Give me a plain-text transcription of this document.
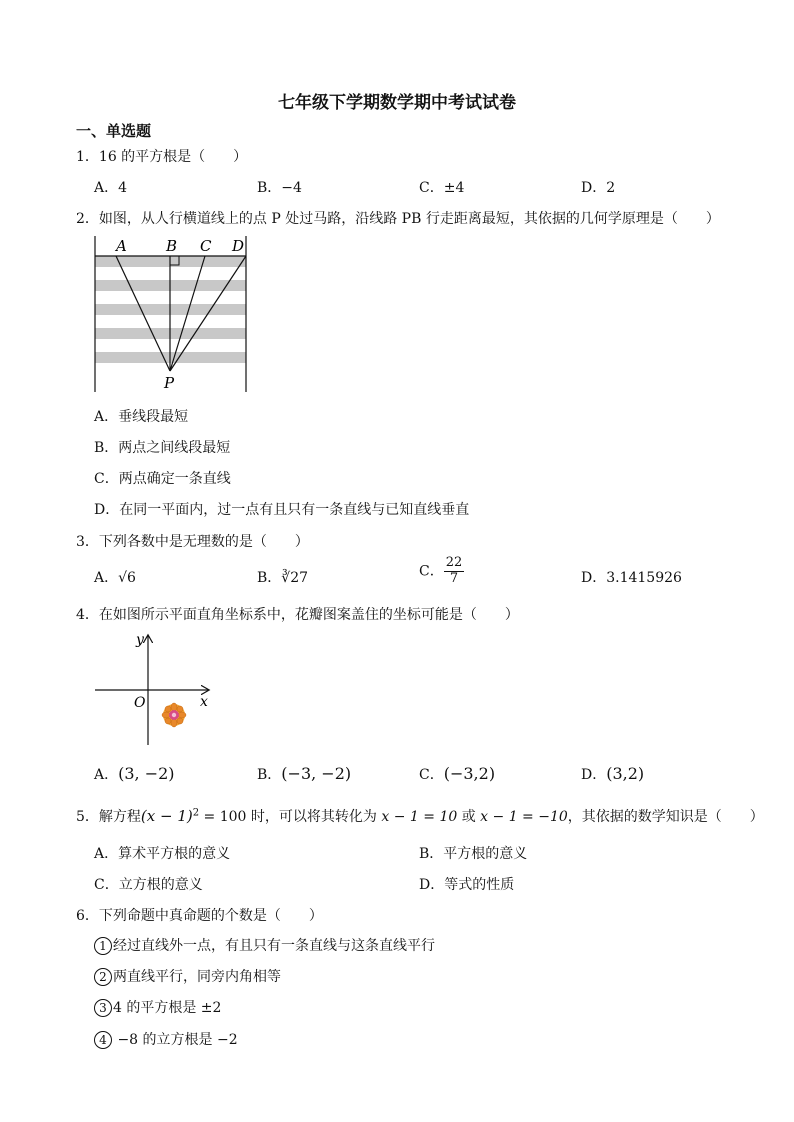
七年级下学期数学期中考试试卷
一、单选题
1．16 的平方根是（　　）
A．4	B．−4	C．±4	D．2
2．如图，从人行横道线上的点 P 处过马路，沿线路 PB 行走距离最短，其依据的几何学原理是（　　）
A	B C D
P
A．垂线段最短
B．两点之间线段最短
C．两点确定一条直线
D．在同一平面内，过一点有且只有一条直线与已知直线垂直
3．下列各数中是无理数的是（　　）
A．√6	B．∛27	C． $\frac{22}{7}$	D．3.1415926
4．在如图所示平面直角坐标系中，花瓣图案盖住的坐标可能是（　　）
y
x
O
A．(3, −2)	B．(−3, −2)	C．(−3,2)	D．(3,2)
5．解方程$(x - 1)^2 = 100$ 时，可以将其转化为 x − 1 = 10 或 x − 1 = −10，其依据的数学知识是（　　）
A．算术平方根的意义	B．平方根的意义
C．立方根的意义	D．等式的性质
6．下列命题中真命题的个数是（　　）
1 经过直线外一点，有且只有一条直线与这条直线平行
2 两直线平行，同旁内角相等
3 4 的平方根是 ±2
4 −8 的立方根是 −2
